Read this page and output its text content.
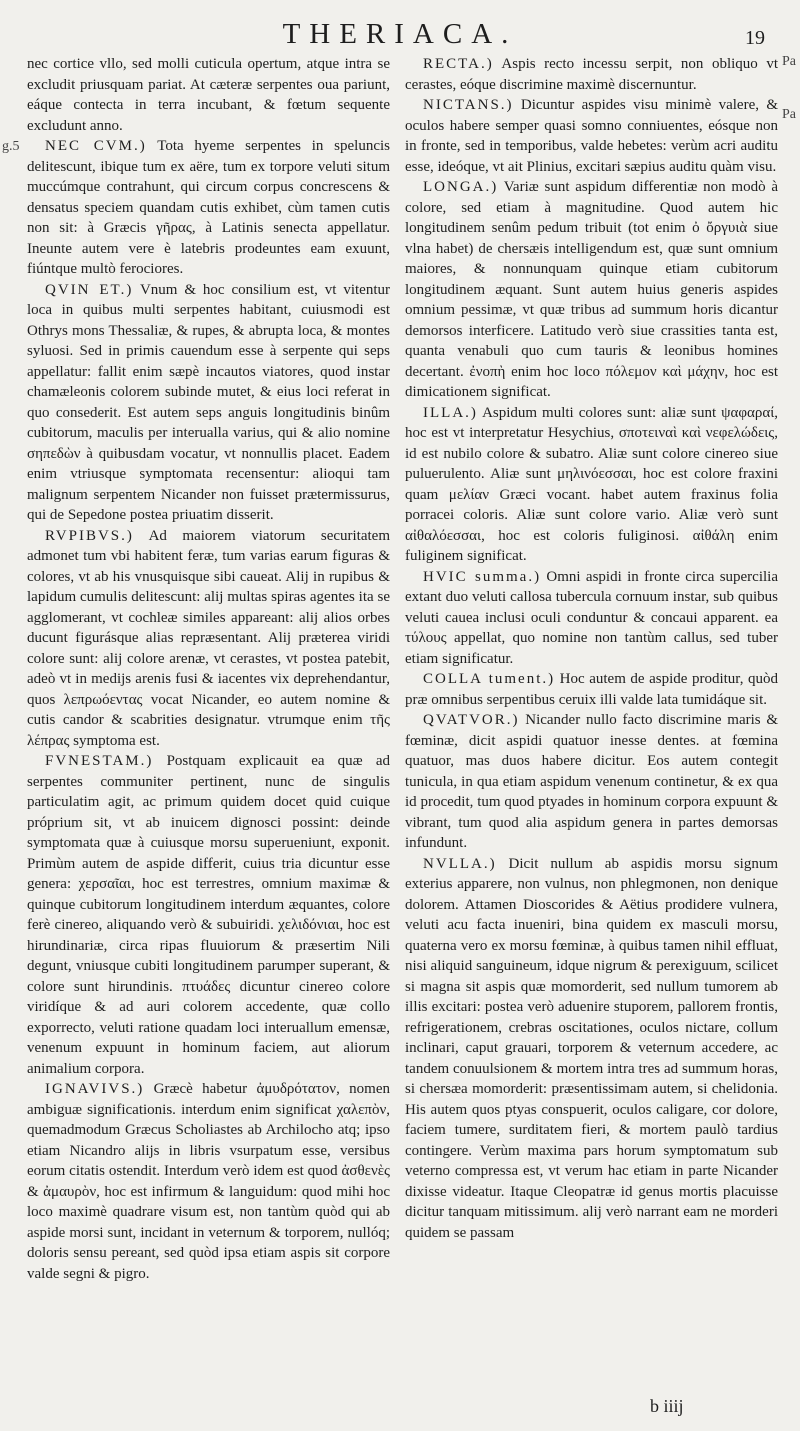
THERIACA.	19
Pa
Pa
g.5

nec cortice vllo, sed molli cuticula opertum, atque intra se excludit priusquam pariat. At cæteræ serpentes oua pariunt, eáque contecta in terra incubant, & fœtum sequente excludunt anno.

NEC CVM.) Tota hyeme serpentes in speluncis delitescunt, ibique tum ex aëre, tum ex torpore veluti situm muccúmque contrahunt, qui circum corpus concrescens & densatus speciem quandam cutis exhibet, cùm tamen cutis non sit: à Græcis γῆρας, à Latinis senecta appellatur. Ineunte autem vere è latebris prodeuntes eam exuunt, fiúntque multò ferociores.

QVIN ET.) Vnum & hoc consilium est, vt vitentur loca in quibus multi serpentes habitant, cuiusmodi est Othrys mons Thessaliæ, & rupes, & abrupta loca, & montes syluosi. Sed in primis cauendum esse à serpente qui seps appellatur: fallit enim sæpè incautos viatores, quod instar chamæleonis colorem subinde mutet, & eius loci referat in quo consederit. Est autem seps anguis longitudinis binûm cubitorum, maculis per interualla varius, qui & alio nomine σηπεδὼν à quibusdam vocatur, vt nonnullis placet. Eadem enim vtriusque symptomata recensentur: alioqui tam malignum serpentem Nicander non fuisset prætermissurus, qui de Sepedone postea priuatim disserit.

RVPIBVS.) Ad maiorem viatorum securitatem admonet tum vbi habitent feræ, tum varias earum figuras & colores, vt ab his vnusquisque sibi caueat. Alij in rupibus & lapidum cumulis delitescunt: alij multas spiras agentes ita se agglomerant, vt cochleæ similes appareant: alij alios orbes ducunt figurásque alias repræsentant. Alij præterea viridi colore sunt: alij colore arenæ, vt cerastes, vt postea patebit, adeò vt in medijs arenis fusi & iacentes vix deprehendantur, quos λεπρωόεντας vocat Nicander, eo autem nomine & cutis candor & scabrities designatur. vtrumque enim τῆς λέπρας symptoma est.

FVNESTAM.) Postquam explicauit ea quæ ad serpentes communiter pertinent, nunc de singulis particulatim agit, ac primum quidem docet quid cuique próprium sit, vt ab inuicem dignosci possint: deinde symptomata quæ à cuiusque morsu superueniunt, exponit. Primùm autem de aspide differit, cuius tria dicuntur esse genera: χερσαῖαι, hoc est terrestres, omnium maximæ & quinque cubitorum longitudinem interdum æquantes, colore ferè cinereo, aliquando verò & subuiridi. χελιδόνιαι, hoc est hirundinariæ, circa ripas fluuiorum & præsertim Nili degunt, vniusque cubiti longitudinem parumper superant, & colore sunt hirundinis. πτυάδες dicuntur cinereo colore viridíque & ad auri colorem accedente, quæ collo exporrecto, veluti ratione quadam loci interuallum emensæ, venenum expuunt in hominum faciem, aut aliorum animalium corpora.

IGNAVIVS.) Græcè habetur ἀμυδρότατον, nomen ambiguæ significationis. interdum enim significat χαλεπὸν, quemadmodum Græcus Scholiastes ab Archilocho atq; ipso etiam Nicandro alijs in libris vsurpatum esse, versibus eorum citatis ostendit. Interdum verò idem est quod ἀσθενὲς & ἀμαυρὸν, hoc est infirmum & languidum: quod mihi hoc loco maximè quadrare visum est, non tantùm quòd qui ab aspide morsi sunt, incidant in veternum & torporem, nullóq; doloris sensu pereant, sed quòd ipsa etiam aspis sit corpore valde segni & pigro.

RECTA.) Aspis recto incessu serpit, non obliquo vt cerastes, eóque discrimine maximè discernuntur.

NICTANS.) Dicuntur aspides visu minimè valere, & oculos habere semper quasi somno conniuentes, eósque non in fronte, sed in temporibus, valde hebetes: verùm acri auditu esse, ideóque, vt ait Plinius, excitari sæpius auditu quàm visu.

LONGA.) Variæ sunt aspidum differentiæ non modò à colore, sed etiam à magnitudine. Quod autem hic longitudinem senûm pedum tribuit (tot enim ὀ ὄργυιὰ siue vlna habet) de chersæis intelligendum est, quæ sunt omnium maiores, & nonnunquam quinque etiam cubitorum longitudinem æquant. Sunt autem huius generis aspides omnium pessimæ, vt quæ tribus ad summum horis dicantur demorsos interficere. Latitudo verò siue crassities tanta est, quanta venabuli quo cum tauris & leonibus homines decertant. ἐνοπὴ enim hoc loco πόλεμον καὶ μάχην, hoc est dimicationem significat.

ILLA.) Aspidum multi colores sunt: aliæ sunt ψαφαραί, hoc est vt interpretatur Hesychius, σποτειναὶ καὶ νεφελώδεις, id est nubilo colore & subatro. Aliæ sunt colore cinereo siue puluerulento. Aliæ sunt μηλινόεσσαι, hoc est colore fraxini quam μελίαν Græci vocant. habet autem fraxinus folia porracei coloris. Aliæ sunt colore vario. Aliæ verò sunt αἰθαλόεσσαι, hoc est coloris fuliginosi. αἰθάλη enim fuliginem significat.

HVIC summa.) Omni aspidi in fronte circa supercilia extant duo veluti callosa tubercula cornuum instar, sub quibus veluti cauea inclusi oculi conduntur & concaui apparent. ea τύλους appellat, quo nomine non tantùm callus, sed tuber etiam significatur.

COLLA tument.) Hoc autem de aspide proditur, quòd præ omnibus serpentibus ceruix illi valde lata tumidáque sit.

QVATVOR.) Nicander nullo facto discrimine maris & fœminæ, dicit aspidi quatuor inesse dentes. at fœmina quatuor, mas duos habere dicitur. Eos autem contegit tunicula, in qua etiam aspidum venenum continetur, & ex qua id procedit, tum quod ptyades in hominum corpora expuunt & vibrant, tum quod alia aspidum genera in partes demorsas infundunt.

NVLLA.) Dicit nullum ab aspidis morsu signum exterius apparere, non vulnus, non phlegmonen, non denique dolorem. Attamen Dioscorides & Aëtius prodidere vulnera, veluti acu facta inueniri, bina quidem ex masculi morsu, quaterna vero ex morsu fœminæ, à quibus tamen nihil effluat, nisi aliquid sanguineum, idque nigrum & perexiguum, scilicet si magna sit aspis quæ momorderit, sed nullum tumorem ab illis excitari: postea verò aduenire stuporem, pallorem frontis, refrigerationem, crebras oscitationes, oculos nictare, collum inclinari, caput grauari, torporem & veternum accedere, ac tandem conuulsionem & mortem intra tres ad summum horas, si chersæa momorderit: præsentissimam autem, si chelidonia. His autem quos ptyas conspuerit, oculos caligare, cor dolore, faciem tumere, surditatem fieri, & mortem paulò tardius contingere. Verùm maxima pars horum symptomatum sub veterno compressa est, vt verum hac etiam in parte Nicander dixisse videatur. Itaque Cleopatræ id genus mortis placuisse dicitur tanquam mitissimum. alij verò narrant eam ne morderi quidem se passam

b iiij
